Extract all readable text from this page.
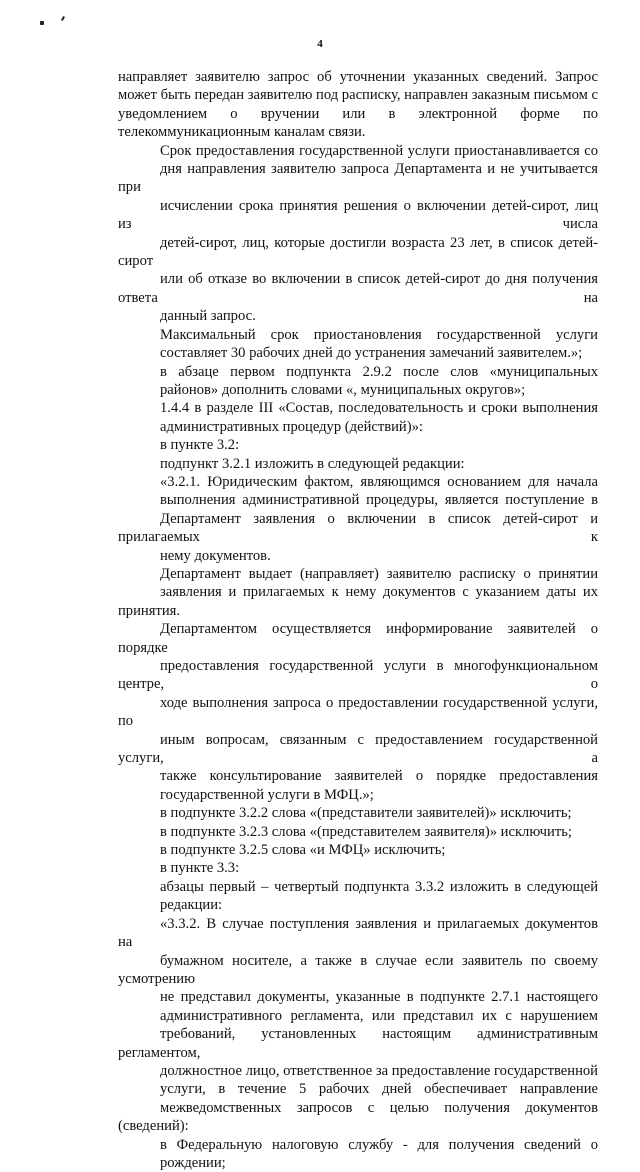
4

направляет заявителю запрос об уточнении указанных сведений. Запрос
может быть передан заявителю под расписку, направлен заказным письмом с
уведомлением о вручении или в электронной форме по
телекоммуникационным каналам связи.

Срок предоставления государственной услуги приостанавливается со
дня направления заявителю запроса Департамента и не учитывается при
исчислении срока принятия решения о включении детей-сирот, лиц из числа
детей-сирот, лиц, которые достигли возраста 23 лет, в список детей-сирот
или об отказе во включении в список детей-сирот до дня получения ответа на
данный запрос.

Максимальный срок приостановления государственной услуги
составляет 30 рабочих дней до устранения замечаний заявителем.»;

в абзаце первом подпункта 2.9.2 после слов «муниципальных
районов» дополнить словами «, муниципальных округов»;

1.4.4 в разделе III «Состав, последовательность и сроки выполнения
административных процедур (действий)»:

в пункте 3.2:

подпункт 3.2.1 изложить в следующей редакции:

«3.2.1. Юридическим фактом, являющимся основанием для начала
выполнения административной процедуры, является поступление в
Департамент заявления о включении в список детей-сирот и прилагаемых к
нему документов.

Департамент выдает (направляет) заявителю расписку о принятии
заявления и прилагаемых к нему документов с указанием даты их принятия.

Департаментом осуществляется информирование заявителей о порядке
предоставления государственной услуги в многофункциональном центре, о
ходе выполнения запроса о предоставлении государственной услуги, по
иным вопросам, связанным с предоставлением государственной услуги, а
также консультирование заявителей о порядке предоставления
государственной услуги в МФЦ.»;

в подпункте 3.2.2 слова «(представители заявителей)» исключить;

в подпункте 3.2.3 слова «(представителем заявителя)» исключить;

в подпункте 3.2.5 слова «и МФЦ» исключить;

в пункте 3.3:

абзацы первый – четвертый подпункта 3.3.2 изложить в следующей
редакции:

«3.3.2. В случае поступления заявления и прилагаемых документов на
бумажном носителе, а также в случае если заявитель по своему усмотрению
не представил документы, указанные в подпункте 2.7.1 настоящего
административного регламента, или представил их с нарушением
требований, установленных настоящим административным регламентом,
должностное лицо, ответственное за предоставление государственной
услуги, в течение 5 рабочих дней обеспечивает направление
межведомственных запросов с целью получения документов (сведений):

в Федеральную налоговую службу - для получения сведений о
рождении;
